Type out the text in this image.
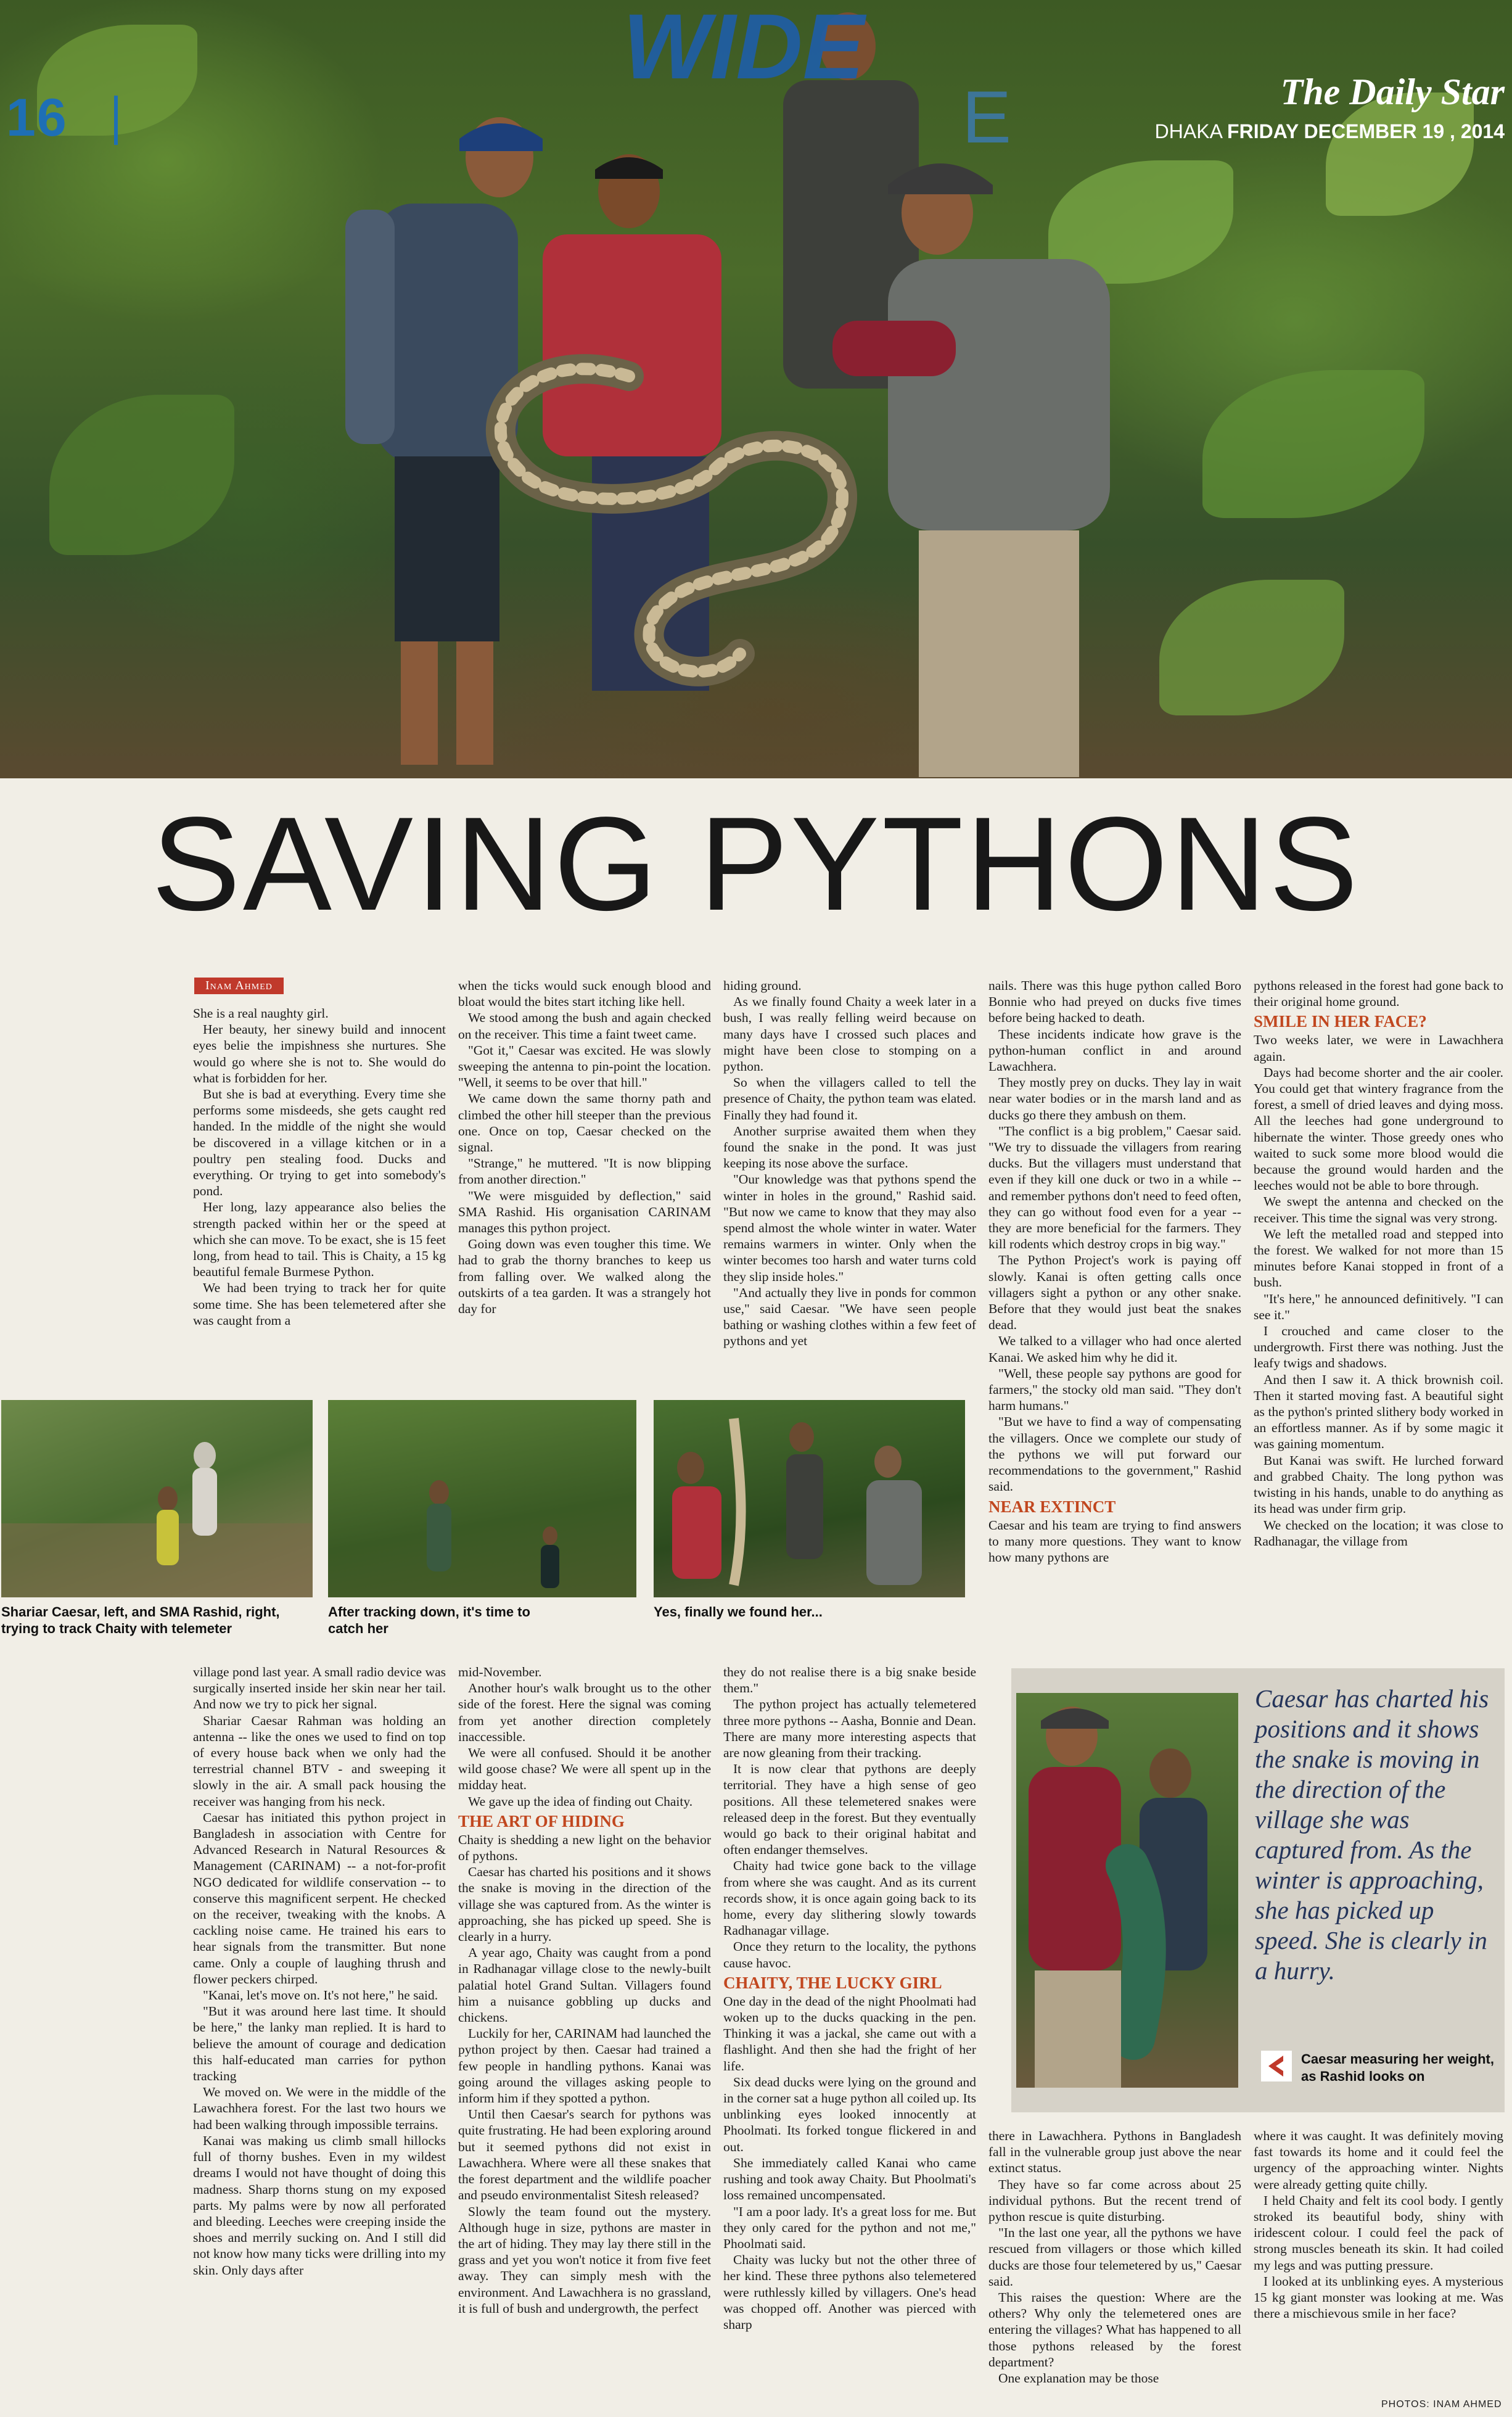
16
WIDE
E	The Daily Star
DHAKA FRIDAY DECEMBER 19 , 2014
SAVING PYTHONS
Inam Ahmed

She is a real naughty girl.

Her beauty, her sinewy build and innocent eyes belie the impishness she nurtures. She would go where she is not to. She would do what is forbidden for her.

But she is bad at everything. Every time she performs some misdeeds, she gets caught red handed. In the middle of the night she would be discovered in a village kitchen or in a poultry pen stealing food. Ducks and everything. Or trying to get into somebody's pond.

Her long, lazy appearance also belies the strength packed within her or the speed at which she can move. To be exact, she is 15 feet long, from head to tail. This is Chaity, a 15 kg beautiful female Burmese Python.

We had been trying to track her for quite some time. She has been telemetered after she was caught from a

when the ticks would suck enough blood and bloat would the bites start itching like hell.

We stood among the bush and again checked on the receiver. This time a faint tweet came.

"Got it," Caesar was excited. He was slowly sweeping the antenna to pin-point the location. "Well, it seems to be over that hill."

We came down the same thorny path and climbed the other hill steeper than the previous one. Once on top, Caesar checked on the signal.

"Strange," he muttered. "It is now blipping from another direction."

"We were misguided by deflection," said SMA Rashid. His organisation CARINAM manages this python project.

Going down was even tougher this time. We had to grab the thorny branches to keep us from falling over. We walked along the outskirts of a tea garden. It was a strangely hot day for

hiding ground.

As we finally found Chaity a week later in a bush, I was really felling weird because on many days have I crossed such places and might have been close to stomping on a python.

So when the villagers called to tell the presence of Chaity, the python team was elated. Finally they had found it.

Another surprise awaited them when they found the snake in the pond. It was just keeping its nose above the surface.

"Our knowledge was that pythons spend the winter in holes in the ground," Rashid said. "But now we came to know that they may also spend almost the whole winter in water. Water remains warmers in winter. Only when the winter becomes too harsh and water turns cold they slip inside holes."

"And actually they live in ponds for common use," said Caesar. "We have seen people bathing or washing clothes within a few feet of pythons and yet

nails. There was this huge python called Boro Bonnie who had preyed on ducks five times before being hacked to death.

These incidents indicate how grave is the python-human conflict in and around Lawachhera.

They mostly prey on ducks. They lay in wait near water bodies or in the marsh land and as ducks go there they ambush on them.

"The conflict is a big problem," Caesar said. "We try to dissuade the villagers from rearing ducks. But the villagers must understand that even if they kill one duck or two in a while -- and remember pythons don't need to feed often, they can go without food even for a year -- they are more beneficial for the farmers. They kill rodents which destroy crops in big way."

The Python Project's work is paying off slowly. Kanai is often getting calls once villagers sight a python or any other snake. Before that they would just beat the snakes dead.

We talked to a villager who had once alerted Kanai. We asked him why he did it.

"Well, these people say pythons are good for farmers," the stocky old man said. "They don't harm humans."

"But we have to find a way of compensating the villagers. Once we complete our study of the pythons we will put forward our recommendations to the government," Rashid said.

NEAR EXTINCT

Caesar and his team are trying to find answers to many more questions. They want to know how many pythons are

pythons released in the forest had gone back to their original home ground.

SMILE IN HER FACE?

Two weeks later, we were in Lawachhera again.

Days had become shorter and the air cooler. You could get that wintery fragrance from the forest, a smell of dried leaves and dying moss. All the leeches had gone underground to hibernate the winter. Those greedy ones who waited to suck some more blood would die because the ground would harden and the leeches would not be able to bore through.

We swept the antenna and checked on the receiver. This time the signal was very strong.

We left the metalled road and stepped into the forest. We walked for not more than 15 minutes before Kanai stopped in front of a bush.

"It's here," he announced definitively. "I can see it."

I crouched and came closer to the undergrowth. First there was nothing. Just the leafy twigs and shadows.

And then I saw it. A thick brownish coil. Then it started moving fast. A beautiful sight as the python's printed slithery body worked in an effortless manner. As if by some magic it was gaining momentum.

But Kanai was swift. He lurched forward and grabbed Chaity. The long python was twisting in his hands, unable to do anything as its head was under firm grip.

We checked on the location; it was close to Radhanagar, the village from

Shariar Caesar, left, and SMA Rashid, right, trying to track Chaity with telemeter
After tracking down, it's time to catch her
Yes, finally we found her...

village pond last year. A small radio device was surgically inserted inside her skin near her tail. And now we try to pick her signal.

Shariar Caesar Rahman was holding an antenna -- like the ones we used to find on top of every house back when we only had the terrestrial channel BTV - and sweeping it slowly in the air. A small pack housing the receiver was hanging from his neck.

Caesar has initiated this python project in Bangladesh in association with Centre for Advanced Research in Natural Resources & Management (CARINAM) -- a not-for-profit NGO dedicated for wildlife conservation -- to conserve this magnificent serpent. He checked on the receiver, tweaking with the knobs. A cackling noise came. He trained his ears to hear signals from the transmitter. But none came. Only a couple of laughing thrush and flower peckers chirped.

"Kanai, let's move on. It's not here," he said.

"But it was around here last time. It should be here," the lanky man replied. It is hard to believe the amount of courage and dedication this half-educated man carries for python tracking

We moved on. We were in the middle of the Lawachhera forest. For the last two hours we had been walking through impossible terrains.

Kanai was making us climb small hillocks full of thorny bushes. Even in my wildest dreams I would not have thought of doing this madness. Sharp thorns stung on my exposed parts. My palms were by now all perforated and bleeding. Leeches were creeping inside the shoes and merrily sucking on. And I still did not know how many ticks were drilling into my skin. Only days after

mid-November.

Another hour's walk brought us to the other side of the forest. Here the signal was coming from yet another direction completely inaccessible.

We were all confused. Should it be another wild goose chase? We were all spent up in the midday heat.

We gave up the idea of finding out Chaity.

THE ART OF HIDING

Chaity is shedding a new light on the behavior of pythons.

Caesar has charted his positions and it shows the snake is moving in the direction of the village she was captured from. As the winter is approaching, she has picked up speed. She is clearly in a hurry.

A year ago, Chaity was caught from a pond in Radhanagar village close to the newly-built palatial hotel Grand Sultan. Villagers found him a nuisance gobbling up ducks and chickens.

Luckily for her, CARINAM had launched the python project by then. Caesar had trained a few people in handling pythons. Kanai was going around the villages asking people to inform him if they spotted a python.

Until then Caesar's search for pythons was quite frustrating. He had been exploring around but it seemed pythons did not exist in Lawachhera. Where were all these snakes that the forest department and the wildlife poacher and pseudo environmentalist Sitesh released?

Slowly the team found out the mystery. Although huge in size, pythons are master in the art of hiding. They may lay there still in the grass and yet you won't notice it from five feet away. They can simply mesh with the environment. And Lawachhera is no grassland, it is full of bush and undergrowth, the perfect

they do not realise there is a big snake beside them."

The python project has actually telemetered three more pythons -- Aasha, Bonnie and Dean. There are many more interesting aspects that are now gleaning from their tracking.

It is now clear that pythons are deeply territorial. They have a high sense of geo positions. All these telemetered snakes were released deep in the forest. But they eventually would go back to their original habitat and often endanger themselves.

Chaity had twice gone back to the village from where she was caught. And as its current records show, it is once again going back to its home, every day slithering slowly towards Radhanagar village.

Once they return to the locality, the pythons cause havoc.

CHAITY, THE LUCKY GIRL

One day in the dead of the night Phoolmati had woken up to the ducks quacking in the pen. Thinking it was a jackal, she came out with a flashlight. And then she had the fright of her life.

Six dead ducks were lying on the ground and in the corner sat a huge python all coiled up. Its unblinking eyes looked innocently at Phoolmati. Its forked tongue flickered in and out.

She immediately called Kanai who came rushing and took away Chaity. But Phoolmati's loss remained uncompensated.

"I am a poor lady. It's a great loss for me. But they only cared for the python and not me," Phoolmati said.

Chaity was lucky but not the other three of her kind. These three pythons also telemetered were ruthlessly killed by villagers. One's head was chopped off. Another was pierced with sharp

Caesar has charted his positions and it shows the snake is moving in the direction of the village she was captured from. As the winter is approaching, she has picked up speed. She is clearly in a hurry.
Caesar measuring her weight, as Rashid looks on

there in Lawachhera. Pythons in Bangladesh fall in the vulnerable group just above the near extinct status.

They have so far come across about 25 individual pythons. But the recent trend of python rescue is quite disturbing.

"In the last one year, all the pythons we have rescued from villagers or those which killed ducks are those four telemetered by us," Caesar said.

This raises the question: Where are the others? Why only the telemetered ones are entering the villages? What has happened to all those pythons released by the forest department?

One explanation may be those

where it was caught. It was definitely moving fast towards its home and it could feel the urgency of the approaching winter. Nights were already getting quite chilly.

I held Chaity and felt its cool body. I gently stroked its beautiful body, shiny with iridescent colour. I could feel the pack of strong muscles beneath its skin. It had coiled my legs and was putting pressure.

I looked at its unblinking eyes. A mysterious 15 kg giant monster was looking at me. Was there a mischievous smile in her face?

PHOTOS: INAM AHMED
